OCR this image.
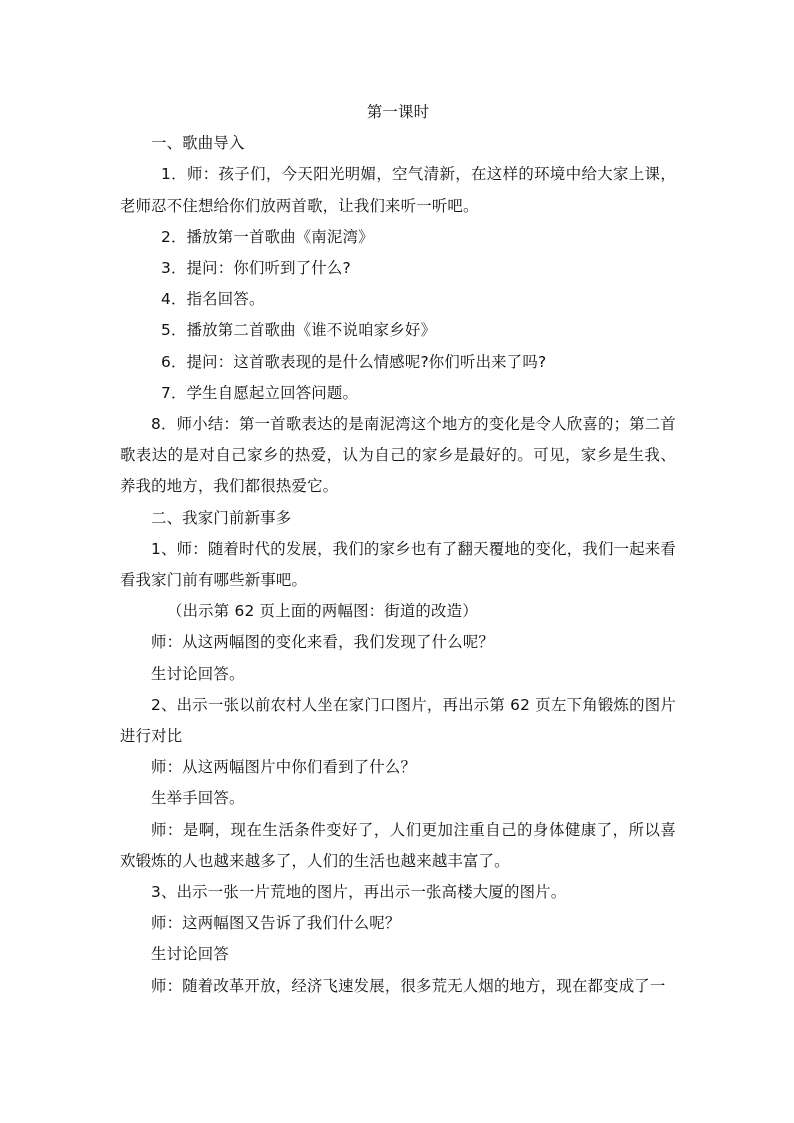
第一课时

一、歌曲导入

1．师：孩子们，今天阳光明媚，空气清新，在这样的环境中给大家上课，老师忍不住想给你们放两首歌，让我们来听一听吧。

2．播放第一首歌曲《南泥湾》

3．提问：你们听到了什么?

4．指名回答。

5．播放第二首歌曲《谁不说咱家乡好》

6．提问：这首歌表现的是什么情感呢?你们听出来了吗?

7．学生自愿起立回答问题。

8．师小结：第一首歌表达的是南泥湾这个地方的变化是令人欣喜的；第二首歌表达的是对自己家乡的热爱，认为自己的家乡是最好的。可见，家乡是生我、养我的地方，我们都很热爱它。

二、我家门前新事多

1、师：随着时代的发展，我们的家乡也有了翻天覆地的变化，我们一起来看看我家门前有哪些新事吧。

（出示第 62 页上面的两幅图：街道的改造）

师：从这两幅图的变化来看，我们发现了什么呢？

生讨论回答。

2、出示一张以前农村人坐在家门口图片，再出示第 62 页左下角锻炼的图片进行对比

师：从这两幅图片中你们看到了什么？

生举手回答。

师：是啊，现在生活条件变好了，人们更加注重自己的身体健康了，所以喜欢锻炼的人也越来越多了，人们的生活也越来越丰富了。

3、出示一张一片荒地的图片，再出示一张高楼大厦的图片。

师：这两幅图又告诉了我们什么呢？

生讨论回答

师：随着改革开放，经济飞速发展，很多荒无人烟的地方，现在都变成了一
